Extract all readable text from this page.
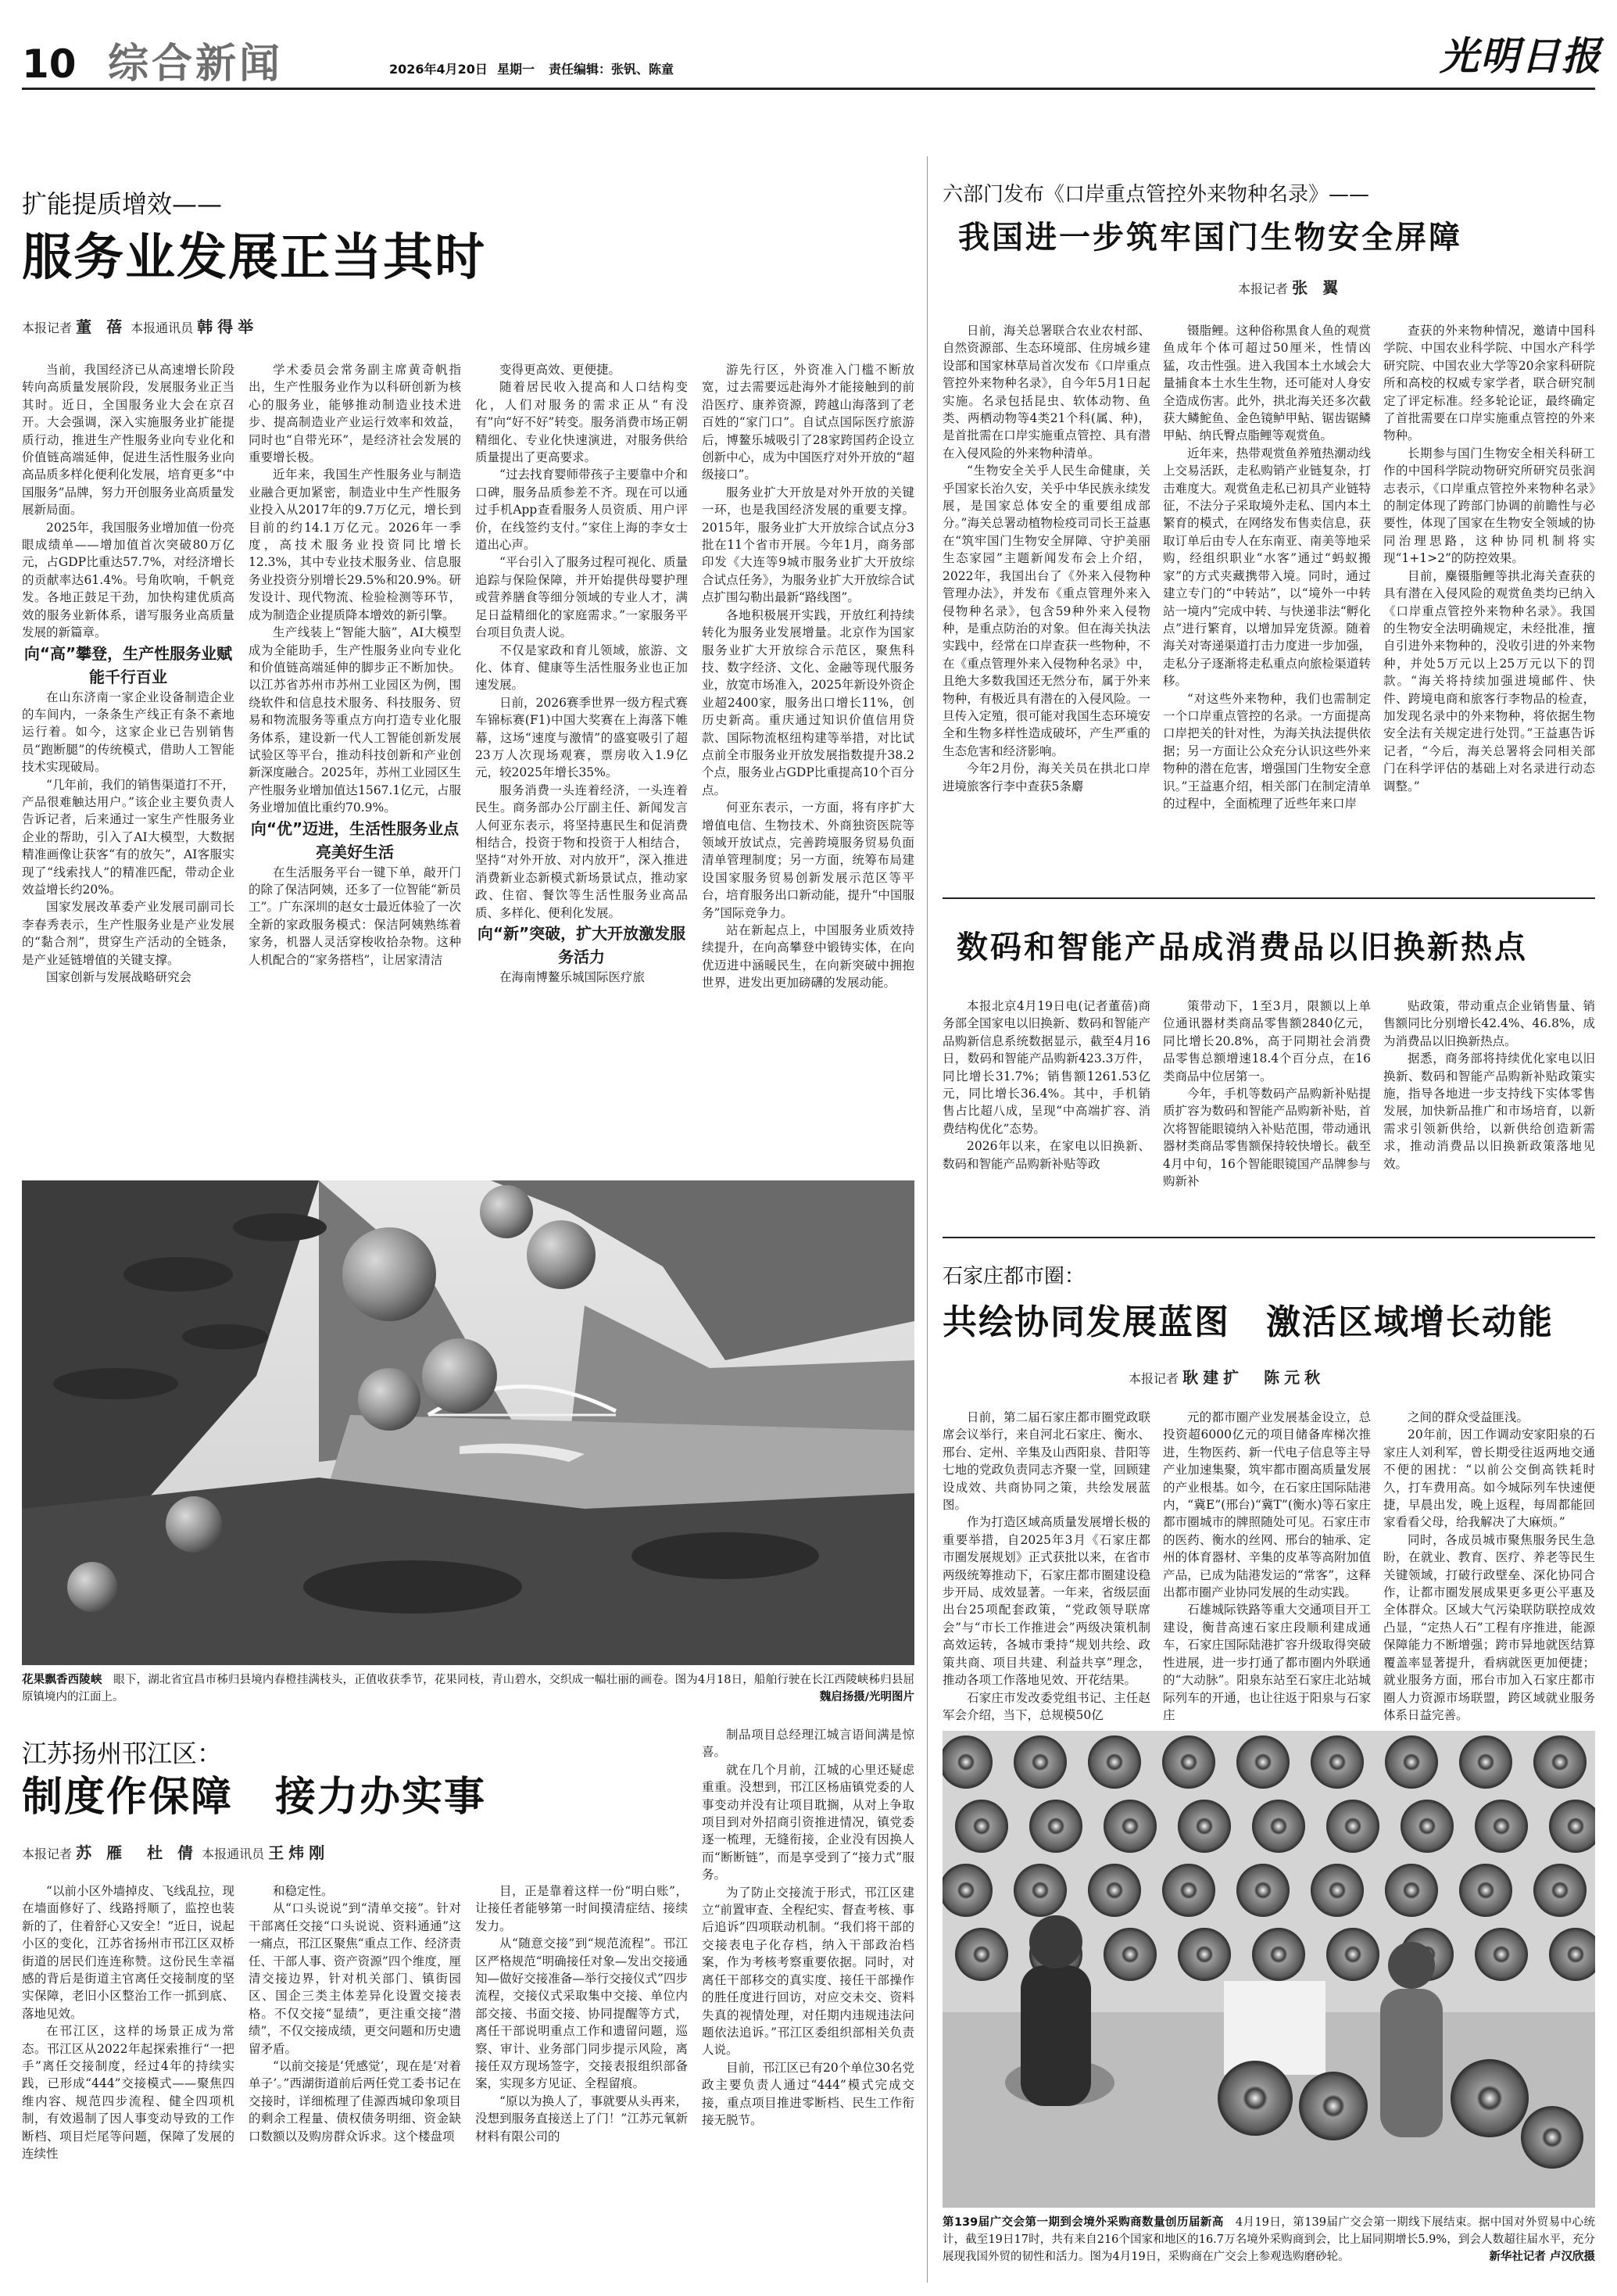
10 综合新闻	2026年4月20日 星期一 责任编辑：张钒、陈童	光明日报
扩能提质增效——
服务业发展正当其时
本报记者 董 蓓 本报通讯员 韩得举

当前，我国经济已从高速增长阶段转向高质量发展阶段，发展服务业正当其时。近日，全国服务业大会在京召开。大会强调，深入实施服务业扩能提质行动，推进生产性服务业向专业化和价值链高端延伸，促进生活性服务业向高品质多样化便利化发展，培育更多“中国服务”品牌，努力开创服务业高质量发展新局面。

2025年，我国服务业增加值一份亮眼成绩单——增加值首次突破80万亿元，占GDP比重达57.7%，对经济增长的贡献率达61.4%。号角吹响，千帆竞发。各地正鼓足干劲，加快构建优质高效的服务业新体系，谱写服务业高质量发展的新篇章。

向“高”攀登，生产性服务业赋能千行百业

在山东济南一家企业设备制造企业的车间内，一条条生产线正有条不紊地运行着。如今，这家企业已告别销售员“跑断腿”的传统模式，借助人工智能技术实现破局。

“几年前，我们的销售渠道打不开，产品很难触达用户。”该企业主要负责人告诉记者，后来通过一家生产性服务业企业的帮助，引入了AI大模型，大数据精准画像让获客“有的放矢”，AI客服实现了“线索找人”的精准匹配，带动企业效益增长约20%。

国家发展改革委产业发展司副司长李春秀表示，生产性服务业是产业发展的“黏合剂”，贯穿生产活动的全链条，是产业延链增值的关键支撑。

国家创新与发展战略研究会

学术委员会常务副主席黄奇帆指出，生产性服务业作为以科研创新为核心的服务业，能够推动制造业技术进步、提高制造业产业运行效率和效益，同时也“自带光环”，是经济社会发展的重要增长极。

近年来，我国生产性服务业与制造业融合更加紧密，制造业中生产性服务业投入从2017年的9.7万亿元，增长到目前的约14.1万亿元。2026年一季度，高技术服务业投资同比增长12.3%，其中专业技术服务业、信息服务业投资分别增长29.5%和20.9%。研发设计、现代物流、检验检测等环节，成为制造企业提质降本增效的新引擎。

生产线装上“智能大脑”，AI大模型成为全能助手，生产性服务业向专业化和价值链高端延伸的脚步正不断加快。以江苏省苏州市苏州工业园区为例，围绕软件和信息技术服务、科技服务、贸易和物流服务等重点方向打造专业化服务体系，建设新一代人工智能创新发展试验区等平台，推动科技创新和产业创新深度融合。2025年，苏州工业园区生产性服务业增加值达1567.1亿元，占服务业增加值比重约70.9%。

向“优”迈进，生活性服务业点亮美好生活

在生活服务平台一键下单，敲开门的除了保洁阿姨，还多了一位智能“新员工”。广东深圳的赵女士最近体验了一次全新的家政服务模式：保洁阿姨熟练着家务，机器人灵活穿梭收拾杂物。这种人机配合的“家务搭档”，让居家清洁

变得更高效、更便捷。

随着居民收入提高和人口结构变化，人们对服务的需求正从“有没有”向“好不好”转变。服务消费市场正朝精细化、专业化快速演进，对服务供给质量提出了更高要求。

“过去找育婴师带孩子主要靠中介和口碑，服务品质参差不齐。现在可以通过手机App查看服务人员资质、用户评价，在线签约支付。”家住上海的李女士道出心声。

“平台引入了服务过程可视化、质量追踪与保险保障，并开始提供母婴护理或营养膳食等细分领域的专业人才，满足日益精细化的家庭需求。”一家服务平台项目负责人说。

不仅是家政和育儿领域，旅游、文化、体育、健康等生活性服务业也正加速发展。

日前，2026赛季世界一级方程式赛车锦标赛(F1)中国大奖赛在上海落下帷幕，这场“速度与激情”的盛宴吸引了超23万人次现场观赛，票房收入1.9亿元，较2025年增长35%。

服务消费一头连着经济，一头连着民生。商务部办公厅副主任、新闻发言人何亚东表示，将坚持惠民生和促消费相结合，投资于物和投资于人相结合，坚持“对外开放、对内放开”，深入推进消费新业态新模式新场景试点，推动家政、住宿、餐饮等生活性服务业高品质、多样化、便利化发展。

向“新”突破，扩大开放激发服务活力

在海南博鳌乐城国际医疗旅

游先行区，外资准入门槛不断放宽，过去需要远赴海外才能接触到的前沿医疗、康养资源，跨越山海落到了老百姓的“家门口”。自试点国际医疗旅游后，博鳌乐城吸引了28家跨国药企设立创新中心，成为中国医疗对外开放的“超级接口”。

服务业扩大开放是对外开放的关键一环，也是我国经济发展的重要支撑。2015年，服务业扩大开放综合试点分3批在11个省市开展。今年1月，商务部印发《大连等9城市服务业扩大开放综合试点任务》，为服务业扩大开放综合试点扩围勾勒出最新“路线图”。

各地积极展开实践，开放红利持续转化为服务业发展增量。北京作为国家服务业扩大开放综合示范区，聚焦科技、数字经济、文化、金融等现代服务业，放宽市场准入，2025年新设外资企业超2400家，服务出口增长11%，创历史新高。重庆通过知识价值信用贷款、国际物流枢纽构建等举措，对比试点前全市服务业开放发展指数提升38.2个点，服务业占GDP比重提高10个百分点。

何亚东表示，一方面，将有序扩大增值电信、生物技术、外商独资医院等领域开放试点，完善跨境服务贸易负面清单管理制度；另一方面，统筹布局建设国家服务贸易创新发展示范区等平台，培育服务出口新动能，提升“中国服务”国际竞争力。

站在新起点上，中国服务业质效持续提升，在向高攀登中锻铸实体，在向优迈进中涵暖民生，在向新突破中拥抱世界，进发出更加磅礴的发展动能。

花果飘香西陵峡　 眼下，湖北省宜昌市秭归县境内春橙挂满枝头，正值收获季节，花果同枝，青山碧水，交织成一幅壮丽的画卷。图为4月18日，船舶行驶在长江西陵峡秭归县屈原镇境内的江面上。	魏启扬摄/光明图片
江苏扬州邗江区：
制度作保障　接力办实事
本报记者 苏 雁　杜 倩 本报通讯员 王炜刚

“以前小区外墙掉皮、飞线乱拉，现在墙面修好了、线路捋顺了，监控也装新的了，住着舒心又安全！”近日，说起小区的变化，江苏省扬州市邗江区双桥街道的居民们连连称赞。这份民生幸福感的背后是街道主官离任交接制度的坚实保障，老旧小区整治工作一抓到底、落地见效。

在邗江区，这样的场景正成为常态。邗江区从2022年起探索推行“一把手”离任交接制度，经过4年的持续实践，已形成“444”交接模式——聚焦四维内容、规范四步流程、健全四项机制，有效遏制了因人事变动导致的工作断档、项目烂尾等问题，保障了发展的连续性

和稳定性。

从“口头说说”到“清单交接”。针对干部离任交接“口头说说、资料通通”这一痛点，邗江区聚焦“重点工作、经济责任、干部人事、资产资源”四个维度，厘清交接边界，针对机关部门、镇街园区、国企三类主体差异化设置交接表格。不仅交接“显绩”，更注重交接“潜绩”，不仅交接成绩，更交问题和历史遗留矛盾。

“以前交接是‘凭感觉’，现在是‘对着单子’。”西湖街道前后两任党工委书记在交接时，详细梳理了佳源西城印象项目的剩余工程量、债权债务明细、资金缺口数额以及购房群众诉求。这个楼盘项

目，正是靠着这样一份“明白账”，让接任者能够第一时间摸清症结、接续发力。

从“随意交接”到“规范流程”。邗江区严格规范“明确接任对象—发出交接通知—做好交接准备—举行交接仪式”四步流程，交接仪式采取集中交接、单位内部交接、书面交接、协同提醒等方式，离任干部说明重点工作和遗留问题，巡察、审计、业务部门同步提示风险，离接任双方现场签字，交接表报组织部备案，实现多方见证、全程留痕。

“原以为换人了，事就要从头再来，没想到服务直接送上了门！”江苏元氧新材料有限公司的

制品项目总经理江城言语间满是惊喜。

就在几个月前，江城的心里还疑虑重重。没想到，邗江区杨庙镇党委的人事变动并没有让项目耽搁，从对上争取项目到对外招商引资推进情况，镇党委逐一梳理，无缝衔接，企业没有因换人而“断断链”，而是享受到了“接力式”服务。

为了防止交接流于形式，邗江区建立“前置审查、全程纪实、督查考核、事后追诉”四项联动机制。“我们将干部的交接表电子化存档，纳入干部政治档案，作为考核考察重要依据。同时，对离任干部移交的真实度、接任干部操作的胜任度进行回访，对应交未交、资料失真的视情处理，对任期内违规违法问题依法追诉。”邗江区委组织部相关负责人说。

目前，邗江区已有20个单位30名党政主要负责人通过“444”模式完成交接，重点项目推进零断档、民生工作衔接无脱节。

六部门发布《口岸重点管控外来物种名录》——
我国进一步筑牢国门生物安全屏障
本报记者 张 翼

日前，海关总署联合农业农村部、自然资源部、生态环境部、住房城乡建设部和国家林草局首次发布《口岸重点管控外来物种名录》，自今年5月1日起实施。名录包括昆虫、软体动物、鱼类、两栖动物等4类21个科(属、种)，是首批需在口岸实施重点管控、具有潜在入侵风险的外来物种清单。

“生物安全关乎人民生命健康，关乎国家长治久安，关乎中华民族永续发展，是国家总体安全的重要组成部分。”海关总署动植物检疫司司长王益惠在“筑牢国门生物安全屏障、守护美丽生态家园”主题新闻发布会上介绍，2022年，我国出台了《外来入侵物种管理办法》，并发布《重点管理外来入侵物种名录》，包含59种外来入侵物种，是重点防治的对象。但在海关执法实践中，经常在口岸查获一些物种，不在《重点管理外来入侵物种名录》中，且绝大多数我国还无然分布，属于外来物种，有极近具有潜在的入侵风险。一旦传入定殖，很可能对我国生态环境安全和生物多样性造成破坏，产生严重的生态危害和经济影响。

今年2月份，海关关员在拱北口岸进境旅客行李中查获5条麝

镊脂鲤。这种俗称黑食人鱼的观赏鱼成年个体可超过50厘米，性情凶猛，攻击性强。进入我国本土水域会大量捕食本土水生生物，还可能对人身安全造成伤害。此外，拱北海关还多次截获大鳞鮀鱼、金色镜鲈甲鲇、锯齿锯鳞甲鲇、纳氏臀点脂鲤等观赏鱼。

近年来，热带观赏鱼养殖热潮动线上交易活跃，走私购销产业链复杂，打击难度大。观赏鱼走私已初具产业链特征，不法分子采取境外走私、国内本土繁育的模式，在网络发布售卖信息，获取订单后由专人在东南亚、南美等地采购，经组织职业“水客”通过“蚂蚁搬家”的方式夹藏携带入境。同时，通过建立专门的“中转站”，以“境外一中转站一境内”完成中转、与快递非法“孵化点”进行繁育，以增加异宠货源。随着海关对寄递渠道打击力度进一步加强，走私分子逐渐将走私重点向旅检渠道转移。

“对这些外来物种，我们也需制定一个口岸重点管控的名录。一方面提高口岸把关的针对性，为海关执法提供依据；另一方面让公众充分认识这些外来物种的潜在危害，增强国门生物安全意识。”王益惠介绍，相关部门在制定清单的过程中，全面梳理了近些年来口岸

查获的外来物种情况，邀请中国科学院、中国农业科学院、中国水产科学研究院、中国农业大学等20余家科研院所和高校的权威专家学者，联合研究制定了评定标准。经多轮论证，最终确定了首批需要在口岸实施重点管控的外来物种。

长期参与国门生物安全相关科研工作的中国科学院动物研究所研究员张润志表示，《口岸重点管控外来物种名录》的制定体现了跨部门协调的前瞻性与必要性，体现了国家在生物安全领域的协同治理思路，这种协同机制将实现“1+1>2”的防控效果。

目前，麋镊脂鲤等拱北海关查获的具有潜在入侵风险的观赏鱼类均已纳入《口岸重点管控外来物种名录》。我国的生物安全法明确规定，未经批准，擅自引进外来物种的，没收引进的外来物种，并处5万元以上25万元以下的罚款。“海关将持续加强进境邮件、快件、跨境电商和旅客行李物品的检查，加发现名录中的外来物种，将依据生物安全法有关规定进行处罚。”王益惠告诉记者，“今后，海关总署将会同相关部门在科学评估的基础上对名录进行动态调整。”

数码和智能产品成消费品以旧换新热点

本报北京4月19日电(记者董蓓)商务部全国家电以旧换新、数码和智能产品购新信息系统数据显示，截至4月16日，数码和智能产品购新423.3万件，同比增长31.7%；销售额1261.53亿元，同比增长36.4%。其中，手机销售占比超八成，呈现“中高端扩容、消费结构优化”态势。

2026年以来，在家电以旧换新、数码和智能产品购新补贴等政

策带动下，1至3月，限额以上单位通讯器材类商品零售额2840亿元，同比增长20.8%，高于同期社会消费品零售总额增速18.4个百分点，在16类商品中位居第一。

今年，手机等数码产品购新补贴提质扩容为数码和智能产品购新补贴，首次将智能眼镜纳入补贴范围，带动通讯器材类商品零售额保持较快增长。截至4月中旬，16个智能眼镜国产品牌参与购新补

贴政策，带动重点企业销售量、销售额同比分别增长42.4%、46.8%，成为消费品以旧换新热点。

据悉，商务部将持续优化家电以旧换新、数码和智能产品购新补贴政策实施，指导各地进一步支持线下实体零售发展，加快新品推广和市场培育，以新需求引领新供给，以新供给创造新需求，推动消费品以旧换新政策落地见效。

石家庄都市圈：
共绘协同发展蓝图　激活区域增长动能
本报记者 耿建扩　陈元秋

日前，第二届石家庄都市圈党政联席会议举行，来自河北石家庄、衡水、邢台、定州、辛集及山西阳泉、昔阳等七地的党政负责同志齐聚一堂，回顾建设成效、共商协同之策，共绘发展蓝图。

作为打造区域高质量发展增长极的重要举措，自2025年3月《石家庄都市圈发展规划》正式获批以来，在省市两级统筹推动下，石家庄都市圈建设稳步开局、成效显著。一年来，省级层面出台25项配套政策，“党政领导联席会”与“市长工作推进会”两级决策机制高效运转，各城市秉持“规划共绘、政策共商、项目共建、利益共享”理念，推动各项工作落地见效、开花结果。

石家庄市发改委党组书记、主任赵军会介绍，当下，总规模50亿

元的都市圈产业发展基金设立，总投资超6000亿元的项目储备库梯次推进，生物医药、新一代电子信息等主导产业加速集聚，筑牢都市圈高质量发展的产业根基。如今，在石家庄国际陆港内，“冀E”(邢台)“冀T”(衡水)等石家庄都市圈城市的牌照随处可见。石家庄市的医药、衡水的丝网、邢台的轴承、定州的体育器材、辛集的皮革等高附加值产品，已成为陆港发运的“常客”，这释出都市圈产业协同发展的生动实践。

石雄城际铁路等重大交通项目开工建设，衡昔高速石家庄段顺利建成通车，石家庄国际陆港扩容升级取得突破性进展，进一步打通了都市圈内外联通的“大动脉”。阳泉东站至石家庄北站城际列车的开通，也让往返于阳泉与石家庄

之间的群众受益匪浅。

20年前，因工作调动安家阳泉的石家庄人刘利军，曾长期受往返两地交通不便的困扰：“以前公交倒高铁耗时久，打车费用高。如今城际列车快速便捷，早晨出发，晚上返程，每周都能回家看看父母，给我解决了大麻烦。”

同时，各成员城市聚焦服务民生急盼，在就业、教育、医疗、养老等民生关键领域，打破行政壁垒、深化协同合作，让都市圈发展成果更多更公平惠及全体群众。区域大气污染联防联控成效凸显，“定热人石”工程有序推进，能源保障能力不断增强；跨市异地就医结算覆盖率显著提升，看病就医更加便捷；就业服务方面，邢台市加入石家庄都市圈人力资源市场联盟，跨区域就业服务体系日益完善。

第139届广交会第一期到会境外采购商数量创历届新高　 4月19日，第139届广交会第一期线下展结束。据中国对外贸易中心统计，截至19日17时，共有来自216个国家和地区的16.7万名境外采购商到会，比上届同期增长5.9%，到会人数超往届水平，充分展现我国外贸的韧性和活力。图为4月19日，采购商在广交会上参观选购磨砂轮。	新华社记者 卢汉欣摄
